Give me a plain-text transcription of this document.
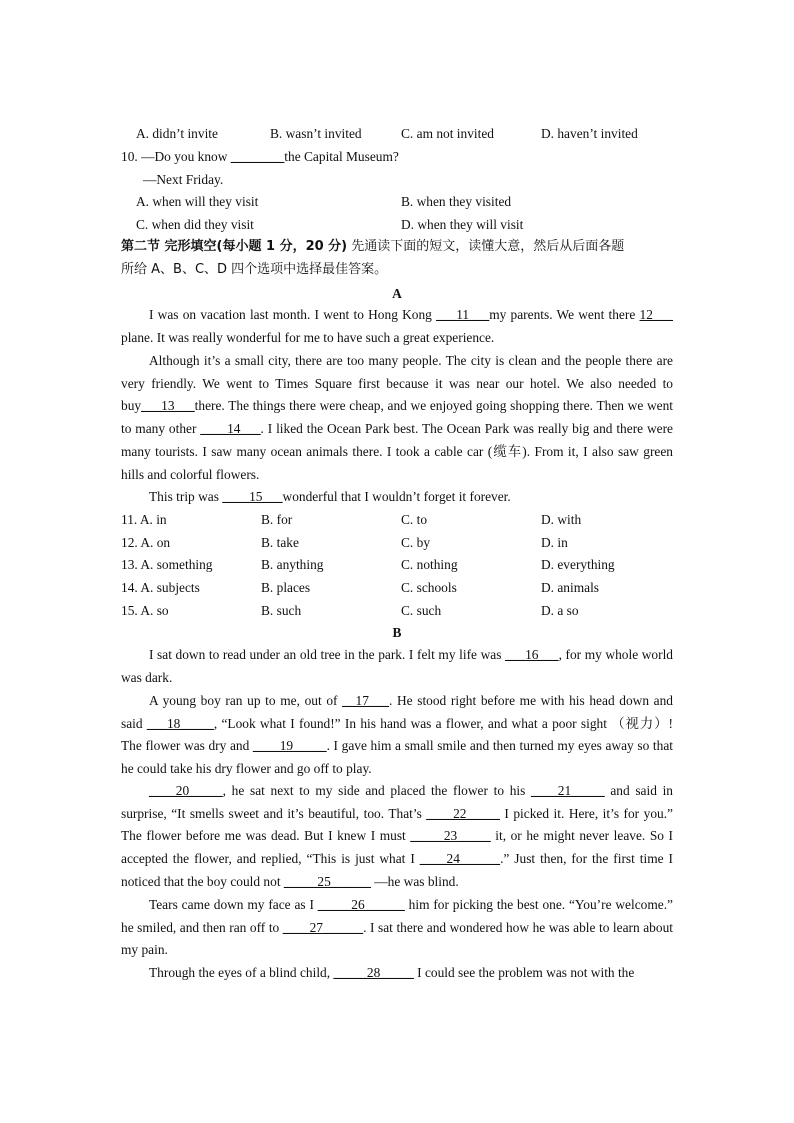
A. didn’t invite	B. wasn’t invited	C. am not invited	D. haven’t invited
10. —Do you know ________the Capital Museum?
—Next Friday.
A. when will they visit	B. when they visited
C. when did they visit	D. when they will visit
第二节 完形填空(每小题 1 分，20 分) 先通读下面的短文，读懂大意，然后从后面各题
所给 A、B、C、D 四个选项中选择最佳答案。
A
I was on vacation last month. I went to Hong Kong ___11___my parents. We went there 12___ plane. It was really wonderful for me to have such a great experience.
Although it’s a small city, there are too many people. The city is clean and the people there are very friendly. We went to Times Square first because it was near our hotel. We also needed to buy___13___there. The things there were cheap, and we enjoyed going shopping there. Then we went to many other ____14___. I liked the Ocean Park best. The Ocean Park was really big and there were many tourists. I saw many ocean animals there. I took a cable car (缆车). From it, I also saw green hills and colorful flowers.
This trip was ____15___wonderful that I wouldn’t forget it forever.
11. A. in	B. for	C. to	D. with
12. A. on	B. take	C. by	D. in
13. A. something	B. anything	C. nothing	D. everything
14. A. subjects	B. places	C. schools	D. animals
15. A. so	B. such	C. such	D. a so
B
I sat down to read under an old tree in the park. I felt my life was ___16___, for my whole world was dark.
A young boy ran up to me, out of __17___. He stood right before me with his head down and said ___18_____, “Look what I found!” In his hand was a flower, and what a poor sight （视力）! The flower was dry and ____19_____. I gave him a small smile and then turned my eyes away so that he could take his dry flower and go off to play.
____20_____, he sat next to my side and placed the flower to his ____21_____ and said in surprise, “It smells sweet and it’s beautiful, too. That’s ____22_____ I picked it. Here, it’s for you.” The flower before me was dead. But I knew I must _____23_____ it, or he might never leave. So I accepted the flower, and replied, “This is just what I ____24______.” Just then, for the first time I noticed that the boy could not _____25______ —he was blind.
Tears came down my face as I _____26______ him for picking the best one. “You’re welcome.” he smiled, and then ran off to ____27______. I sat there and wondered how he was able to learn about my pain.
Through the eyes of a blind child, _____28_____ I could see the problem was not with the
